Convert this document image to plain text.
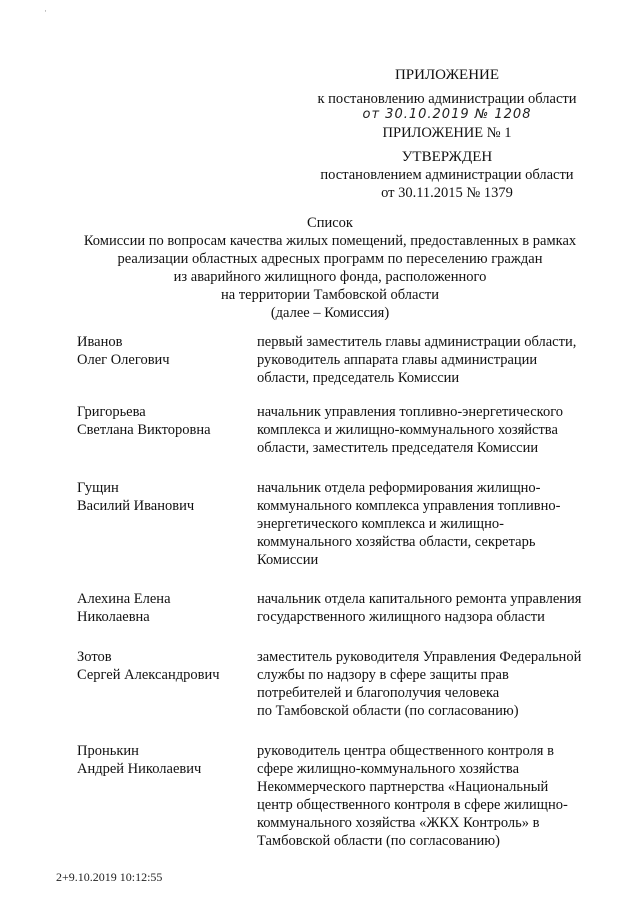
·
ПРИЛОЖЕНИЕ
к постановлению администрации области
от 30.10.2019 № 1208
ПРИЛОЖЕНИЕ № 1
УТВЕРЖДЕН
постановлением администрации области
от 30.11.2015 № 1379
Список
Комиссии по вопросам качества жилых помещений, предоставленных в рамках
реализации областных адресных программ по переселению граждан
из аварийного жилищного фонда, расположенного
на территории Тамбовской области
(далее – Комиссия)
Иванов
Олег Олегович
первый заместитель главы администрации области,
руководитель аппарата главы администрации
области, председатель Комиссии
Григорьева
Светлана Викторовна
начальник управления топливно-энергетического
комплекса и жилищно-коммунального хозяйства
области, заместитель председателя Комиссии
Гущин
Василий Иванович
начальник отдела реформирования жилищно-
коммунального комплекса управления топливно-
энергетического комплекса и жилищно-
коммунального хозяйства области, секретарь
Комиссии
Алехина Елена
Николаевна
начальник отдела капитального ремонта управления
государственного жилищного надзора области
Зотов
Сергей Александрович
заместитель руководителя Управления Федеральной
службы по надзору в сфере защиты прав
потребителей и благополучия человека
по Тамбовской области (по согласованию)
Пронькин
Андрей Николаевич
руководитель центра общественного контроля в
сфере жилищно-коммунального хозяйства
Некоммерческого партнерства «Национальный
центр общественного контроля в сфере жилищно-
коммунального хозяйства «ЖКХ Контроль» в
Тамбовской области (по согласованию)
2+9.10.2019 10:12:55
